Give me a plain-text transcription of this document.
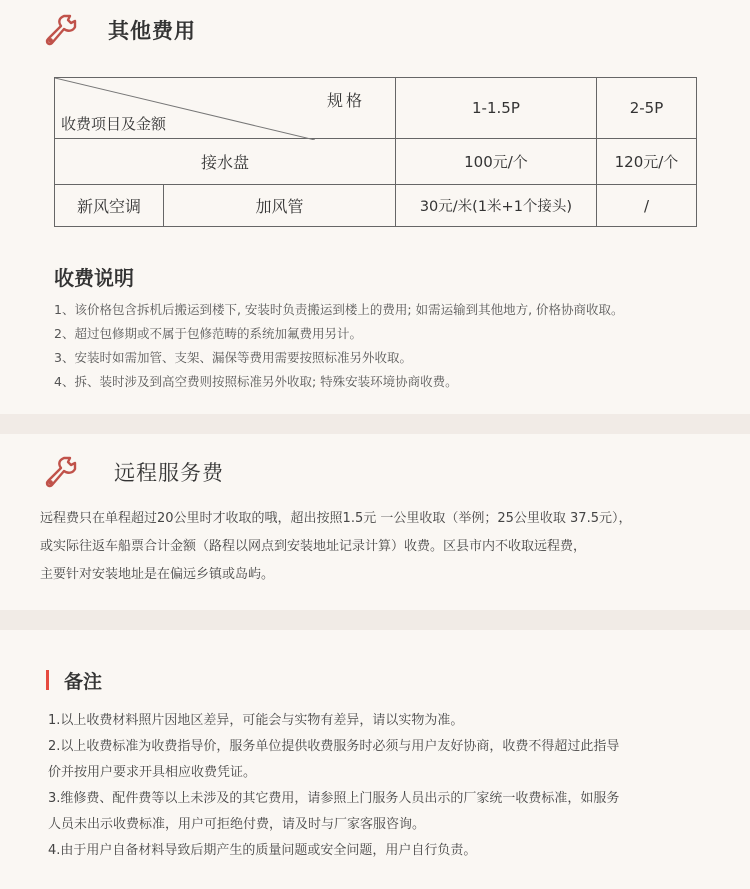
其他费用
规格
收费项目及金额		1-1.5P	2-5P
接水盘		100元/个	120元/个
新风空调	加风管	30元/米(1米+1个接头)	/
收费说明
1、该价格包含拆机后搬运到楼下, 安装时负责搬运到楼上的费用; 如需运输到其他地方, 价格协商收取。
2、超过包修期或不属于包修范畴的系统加氟费用另计。
3、安装时如需加管、支架、漏保等费用需要按照标准另外收取。
4、拆、装时涉及到高空费则按照标准另外收取; 特殊安装环境协商收费。
远程服务费
远程费只在单程超过20公里时才收取的哦，超出按照1.5元 一公里收取（举例；25公里收取 37.5元），
或实际往返车船票合计金额（路程以网点到安装地址记录计算）收费。区县市内不收取远程费，
主要针对安装地址是在偏远乡镇或岛屿。
备注
1.以上收费材料照片因地区差异，可能会与实物有差异，请以实物为准。
2.以上收费标准为收费指导价，服务单位提供收费服务时必须与用户友好协商，收费不得超过此指导
价并按用户要求开具相应收费凭证。
3.维修费、配件费等以上未涉及的其它费用，请参照上门服务人员出示的厂家统一收费标准，如服务
人员未出示收费标准，用户可拒绝付费，请及时与厂家客服咨询。
4.由于用户自备材料导致后期产生的质量问题或安全问题，用户自行负责。
